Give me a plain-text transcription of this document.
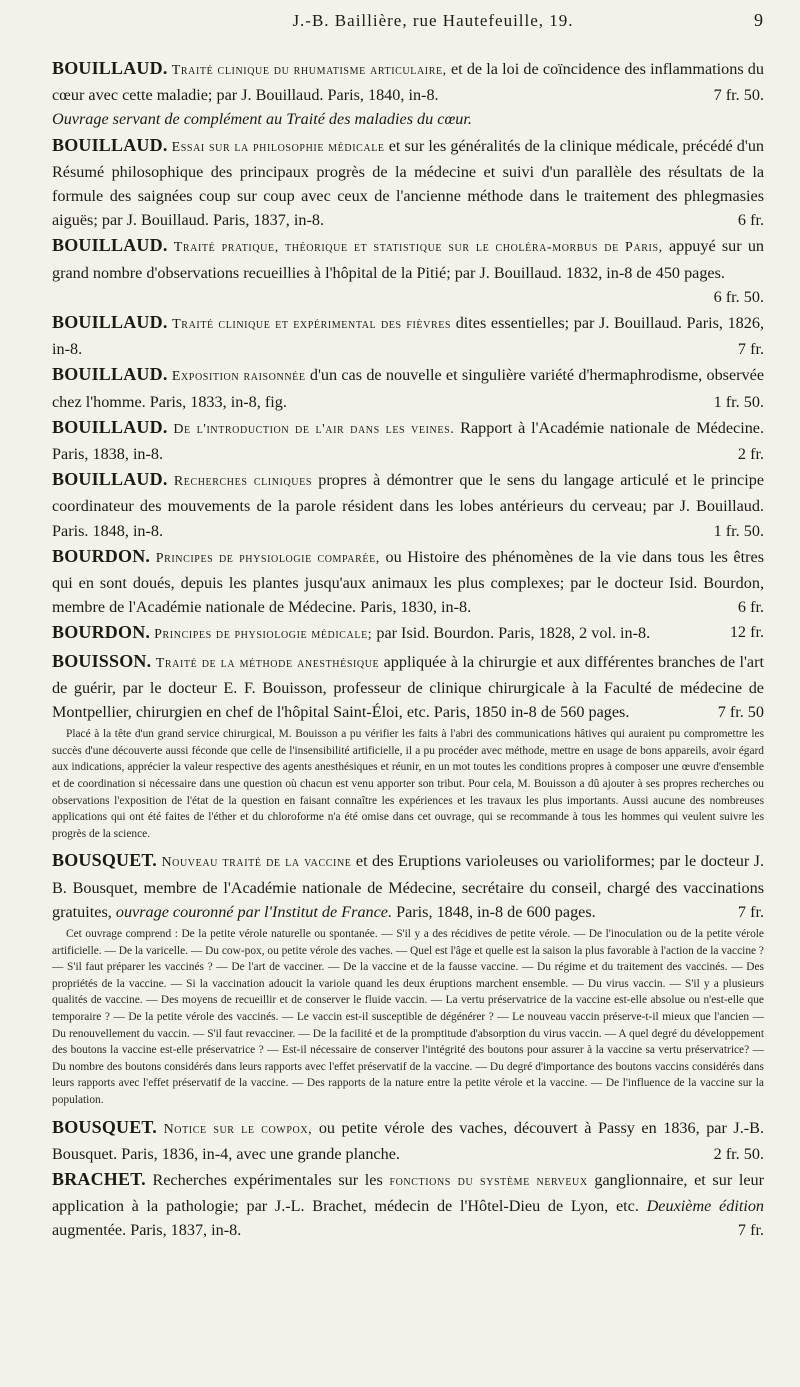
J.-B. Baillière, rue Hautefeuille, 19.	9
BOUILLAUD. Traité clinique du rhumatisme articulaire, et de la loi de coïncidence des inflammations du cœur avec cette maladie; par J. Bouillaud. Paris, 1840, in-8.	7 fr. 50.
Ouvrage servant de complément au Traité des maladies du cœur.
BOUILLAUD. Essai sur la philosophie médicale et sur les généralités de la clinique médicale, précédé d'un Résumé philosophique des principaux progrès de la médecine et suivi d'un parallèle des résultats de la formule des saignées coup sur coup avec ceux de l'ancienne méthode dans le traitement des phlegmasies aiguës; par J. Bouillaud. Paris, 1837, in-8.	6 fr.
BOUILLAUD. Traité pratique, théorique et statistique sur le choléra-morbus de Paris, appuyé sur un grand nombre d'observations recueillies à l'hôpital de la Pitié; par J. Bouillaud. 1832, in-8 de 450 pages.
6 fr. 50.
BOUILLAUD. Traité clinique et expérimental des fièvres dites essentielles; par J. Bouillaud. Paris, 1826, in-8.	7 fr.
BOUILLAUD. Exposition raisonnée d'un cas de nouvelle et singulière variété d'hermaphrodisme, observée chez l'homme. Paris, 1833, in-8, fig.	1 fr. 50.
BOUILLAUD. De l'introduction de l'air dans les veines. Rapport à l'Académie nationale de Médecine. Paris, 1838, in-8.	2 fr.
BOUILLAUD. Recherches cliniques propres à démontrer que le sens du langage articulé et le principe coordinateur des mouvements de la parole résident dans les lobes antérieurs du cerveau; par J. Bouillaud. Paris. 1848, in-8.	1 fr. 50.
BOURDON. Principes de physiologie comparée, ou Histoire des phénomènes de la vie dans tous les êtres qui en sont doués, depuis les plantes jusqu'aux animaux les plus complexes; par le docteur Isid. Bourdon, membre de l'Académie nationale de Médecine. Paris, 1830, in-8.	6 fr.
BOURDON. Principes de physiologie médicale; par Isid. Bourdon. Paris, 1828, 2 vol. in-8.	12 fr.
BOUISSON. Traité de la méthode anesthésique appliquée à la chirurgie et aux différentes branches de l'art de guérir, par le docteur E. F. Bouisson, professeur de clinique chirurgicale à la Faculté de médecine de Montpellier, chirurgien en chef de l'hôpital Saint-Éloi, etc. Paris, 1850 in-8 de 560 pages.	7 fr. 50

Placé à la tête d'un grand service chirurgical, M. Bouisson a pu vérifier les faits à l'abri des communications hâtives qui auraient pu compromettre les succès d'une découverte aussi féconde que celle de l'insensibilité artificielle, il a pu procéder avec méthode, mettre en usage de bons appareils, avoir égard aux indications, apprécier la valeur respective des agents anesthésiques et réunir, en un mot toutes les conditions propres à composer une œuvre d'ensemble et de coordination si nécessaire dans une question où chacun est venu apporter son tribut. Pour cela, M. Bouisson a dû ajouter à ses propres recherches ou observations l'exposition de l'état de la question en faisant connaître les expériences et les travaux les plus importants. Aussi aucune des nombreuses applications qui ont été faites de l'éther et du chloroforme n'a été omise dans cet ouvrage, qui se recommande à tous les hommes qui veulent suivre les progrès de la science.

BOUSQUET. Nouveau traité de la vaccine et des Eruptions varioleuses ou varioliformes; par le docteur J. B. Bousquet, membre de l'Académie nationale de Médecine, secrétaire du conseil, chargé des vaccinations gratuites, ouvrage couronné par l'Institut de France. Paris, 1848, in-8 de 600 pages.	7 fr.

Cet ouvrage comprend : De la petite vérole naturelle ou spontanée. — S'il y a des récidives de petite vérole. — De l'inoculation ou de la petite vérole artificielle. — De la varicelle. — Du cow-pox, ou petite vérole des vaches. — Quel est l'âge et quelle est la saison la plus favorable à l'action de la vaccine ? — S'il faut préparer les vaccinés ? — De l'art de vacciner. — De la vaccine et de la fausse vaccine. — Du régime et du traitement des vaccinés. — Des propriétés de la vaccine. — Si la vaccination adoucit la variole quand les deux éruptions marchent ensemble. — Du virus vaccin. — S'il y a plusieurs qualités de vaccine. — Des moyens de recueillir et de conserver le fluide vaccin. — La vertu préservatrice de la vaccine est-elle absolue ou n'est-elle que temporaire ? — De la petite vérole des vaccinés. — Le vaccin est-il susceptible de dégénérer ? — Le nouveau vaccin préserve-t-il mieux que l'ancien — Du renouvellement du vaccin. — S'il faut revacciner. — De la facilité et de la promptitude d'absorption du virus vaccin. — A quel degré du développement des boutons la vaccine est-elle préservatrice ? — Est-il nécessaire de conserver l'intégrité des boutons pour assurer à la vaccine sa vertu préservatrice? — Du nombre des boutons considérés dans leurs rapports avec l'effet préservatif de la vaccine. — Du degré d'importance des boutons vaccins considérés dans leurs rapports avec l'effet préservatif de la vaccine. — Des rapports de la nature entre la petite vérole et la vaccine. — De l'influence de la vaccine sur la population.

BOUSQUET. Notice sur le cowpox, ou petite vérole des vaches, découvert à Passy en 1836, par J.-B. Bousquet. Paris, 1836, in-4, avec une grande planche.	2 fr. 50.
BRACHET. Recherches expérimentales sur les fonctions du système nerveux ganglionnaire, et sur leur application à la pathologie; par J.-L. Brachet, médecin de l'Hôtel-Dieu de Lyon, etc. Deuxième édition augmentée. Paris, 1837, in-8.	7 fr.
